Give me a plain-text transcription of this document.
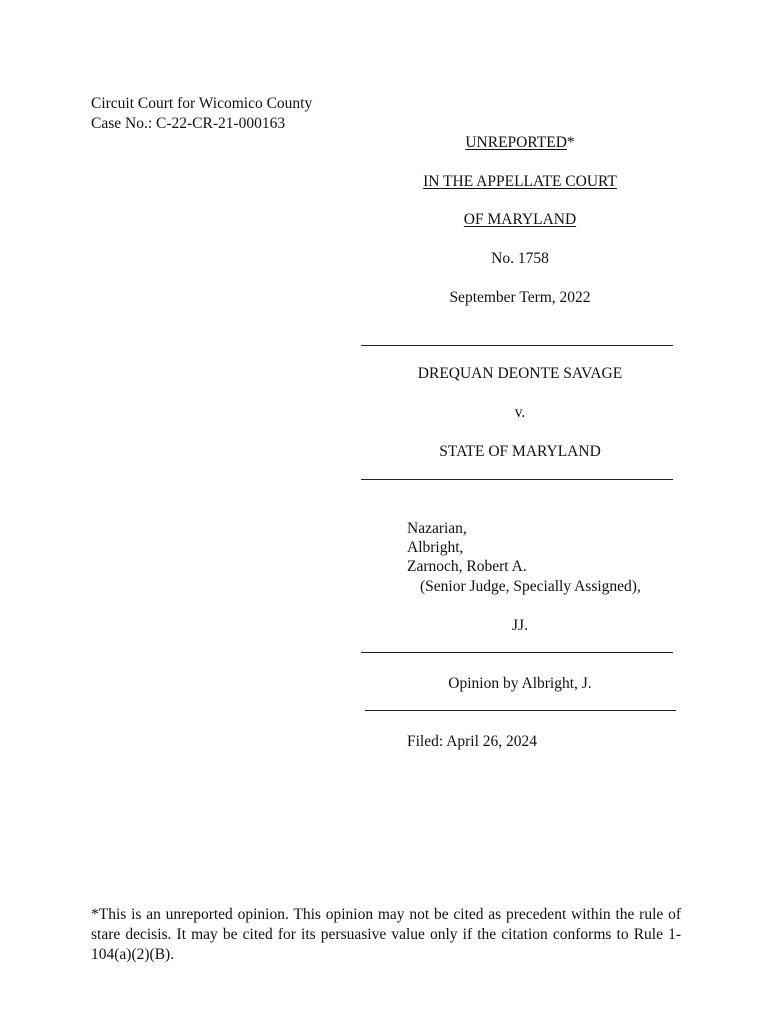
Circuit Court for Wicomico County
Case No.: C-22-CR-21-000163
UNREPORTED*
IN THE APPELLATE COURT
OF MARYLAND
No. 1758
September Term, 2022
DREQUAN DEONTE SAVAGE
v.
STATE OF MARYLAND
Nazarian,
Albright,
Zarnoch, Robert A.
(Senior Judge, Specially Assigned),
JJ.
Opinion by Albright, J.
Filed: April 26, 2024
*This is an unreported opinion. This opinion may not be cited as precedent within the rule of stare decisis. It may be cited for its persuasive value only if the citation conforms to Rule 1-104(a)(2)(B).
